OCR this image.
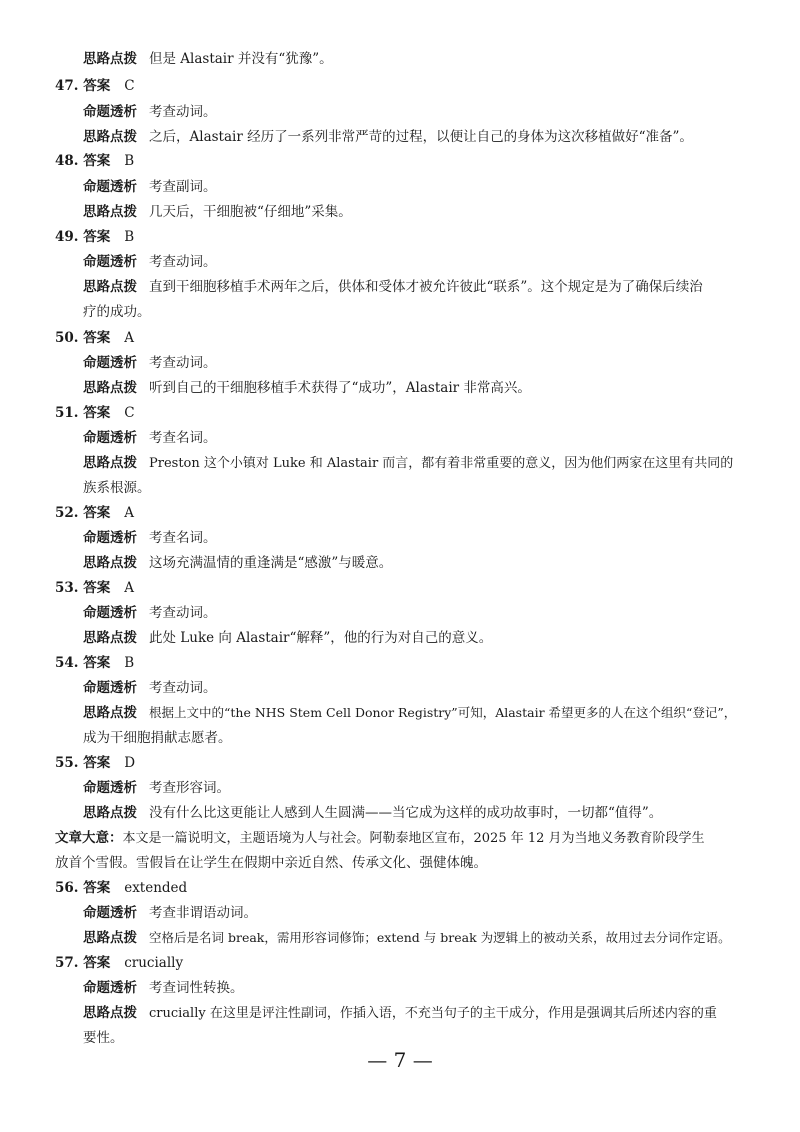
思路点拨 但是 Alastair 并没有“犹豫”。
47. 答案 C
命题透析 考查动词。
思路点拨 之后，Alastair 经历了一系列非常严苛的过程，以便让自己的身体为这次移植做好“准备”。
48. 答案 B
命题透析 考查副词。
思路点拨 几天后，干细胞被“仔细地”采集。
49. 答案 B
命题透析 考查动词。
思路点拨 直到干细胞移植手术两年之后，供体和受体才被允许彼此“联系”。这个规定是为了确保后续治
疗的成功。
50. 答案 A
命题透析 考查动词。
思路点拨 听到自己的干细胞移植手术获得了“成功”，Alastair 非常高兴。
51. 答案 C
命题透析 考查名词。
思路点拨 Preston 这个小镇对 Luke 和 Alastair 而言，都有着非常重要的意义，因为他们两家在这里有共同的
族系根源。
52. 答案 A
命题透析 考查名词。
思路点拨 这场充满温情的重逢满是“感激”与暖意。
53. 答案 A
命题透析 考查动词。
思路点拨 此处 Luke 向 Alastair“解释”，他的行为对自己的意义。
54. 答案 B
命题透析 考查动词。
思路点拨 根据上文中的“the NHS Stem Cell Donor Registry”可知，Alastair 希望更多的人在这个组织“登记”，
成为干细胞捐献志愿者。
55. 答案 D
命题透析 考查形容词。
思路点拨 没有什么比这更能让人感到人生圆满——当它成为这样的成功故事时，一切都“值得”。
文章大意：本文是一篇说明文，主题语境为人与社会。阿勒泰地区宣布，2025 年 12 月为当地义务教育阶段学生
放首个雪假。雪假旨在让学生在假期中亲近自然、传承文化、强健体魄。
56. 答案 extended
命题透析 考查非谓语动词。
思路点拨 空格后是名词 break，需用形容词修饰；extend 与 break 为逻辑上的被动关系，故用过去分词作定语。
57. 答案 crucially
命题透析 考查词性转换。
思路点拨 crucially 在这里是评注性副词，作插入语，不充当句子的主干成分，作用是强调其后所述内容的重
要性。
— 7 —
